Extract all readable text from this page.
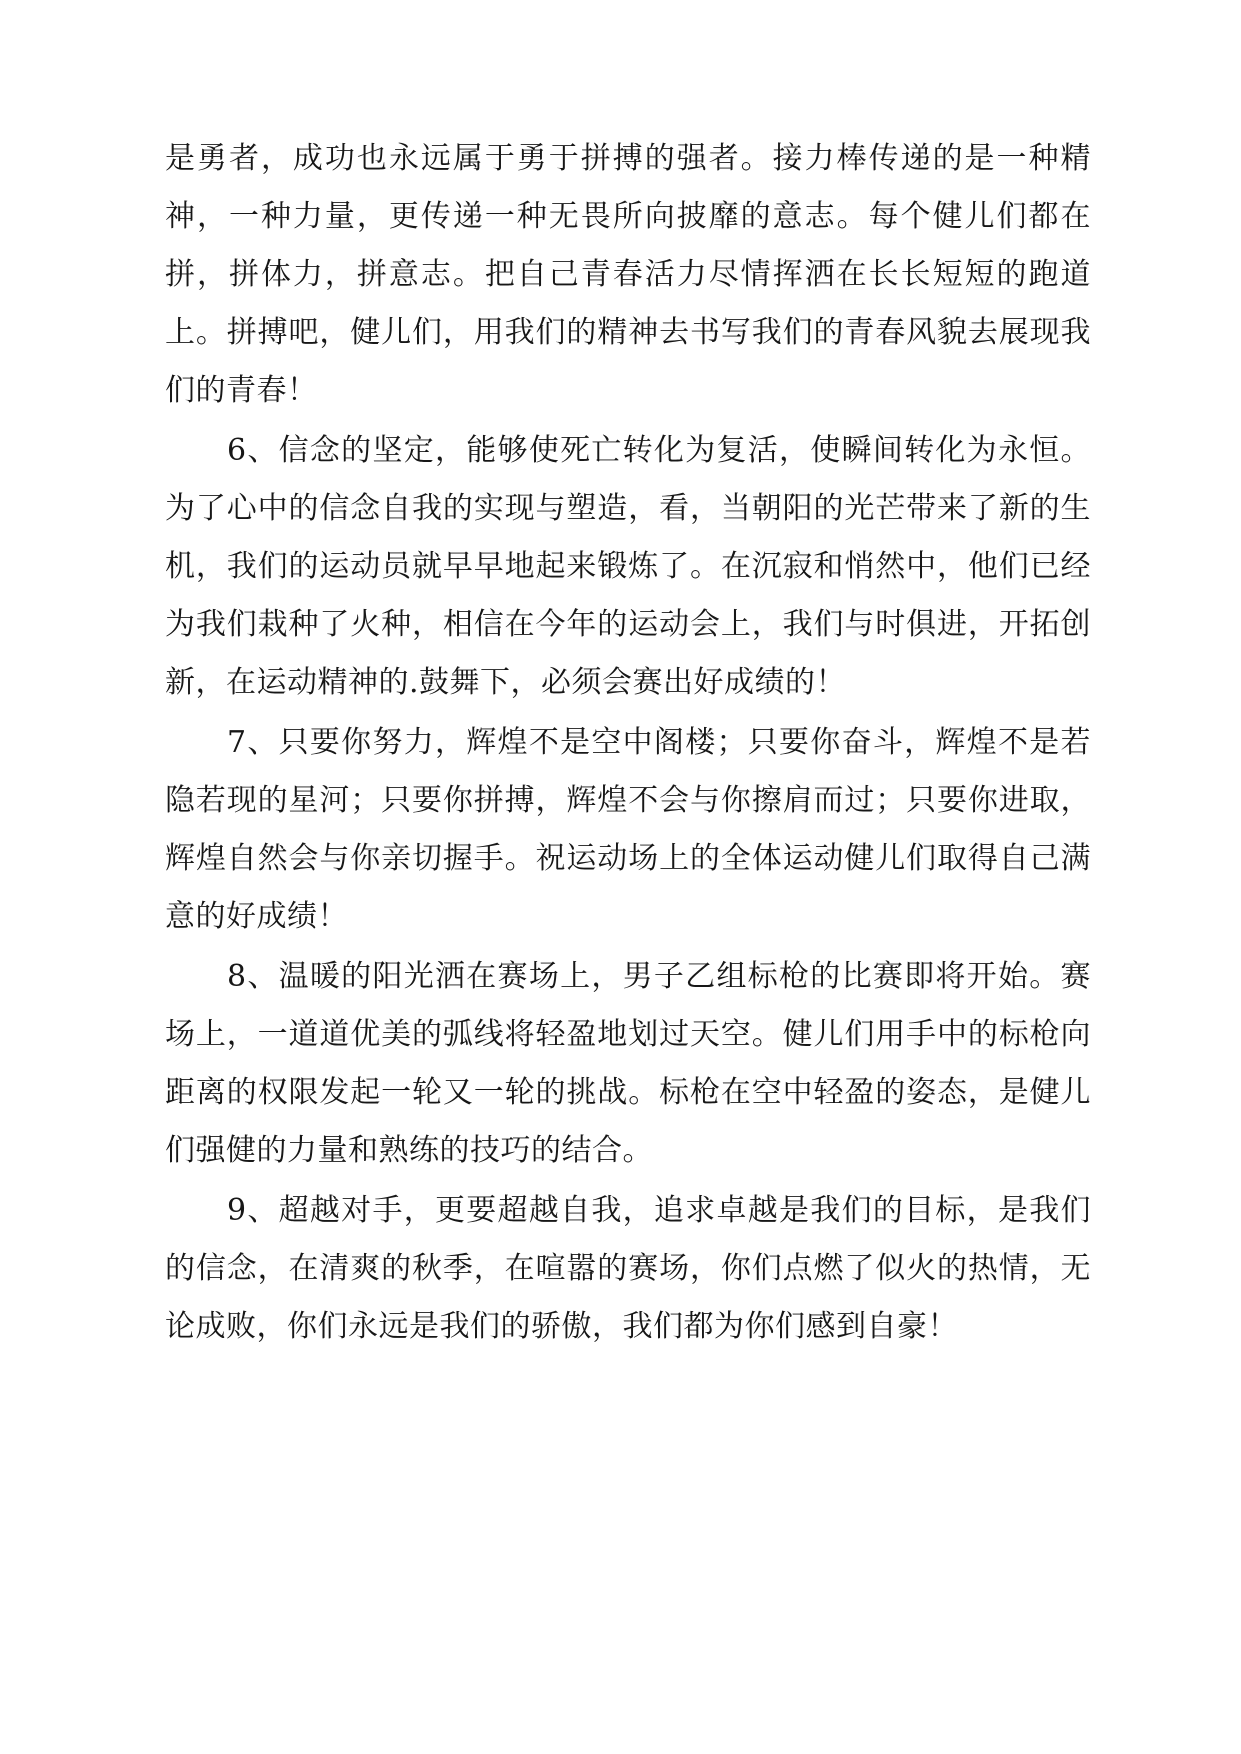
是勇者，成功也永远属于勇于拼搏的强者。接力棒传递的是一种精神，一种力量，更传递一种无畏所向披靡的意志。每个健儿们都在拼，拼体力，拼意志。把自己青春活力尽情挥洒在长长短短的跑道上。拼搏吧，健儿们，用我们的精神去书写我们的青春风貌去展现我们的青春！

6、信念的坚定，能够使死亡转化为复活，使瞬间转化为永恒。为了心中的信念自我的实现与塑造，看，当朝阳的光芒带来了新的生机，我们的运动员就早早地起来锻炼了。在沉寂和悄然中，他们已经为我们栽种了火种，相信在今年的运动会上，我们与时俱进，开拓创新，在运动精神的.鼓舞下，必须会赛出好成绩的！

7、只要你努力，辉煌不是空中阁楼；只要你奋斗，辉煌不是若隐若现的星河；只要你拼搏，辉煌不会与你擦肩而过；只要你进取，辉煌自然会与你亲切握手。祝运动场上的全体运动健儿们取得自己满意的好成绩！

8、温暖的阳光洒在赛场上，男子乙组标枪的比赛即将开始。赛场上，一道道优美的弧线将轻盈地划过天空。健儿们用手中的标枪向距离的权限发起一轮又一轮的挑战。标枪在空中轻盈的姿态，是健儿们强健的力量和熟练的技巧的结合。

9、超越对手，更要超越自我，追求卓越是我们的目标，是我们的信念，在清爽的秋季，在喧嚣的赛场，你们点燃了似火的热情，无论成败，你们永远是我们的骄傲，我们都为你们感到自豪！
